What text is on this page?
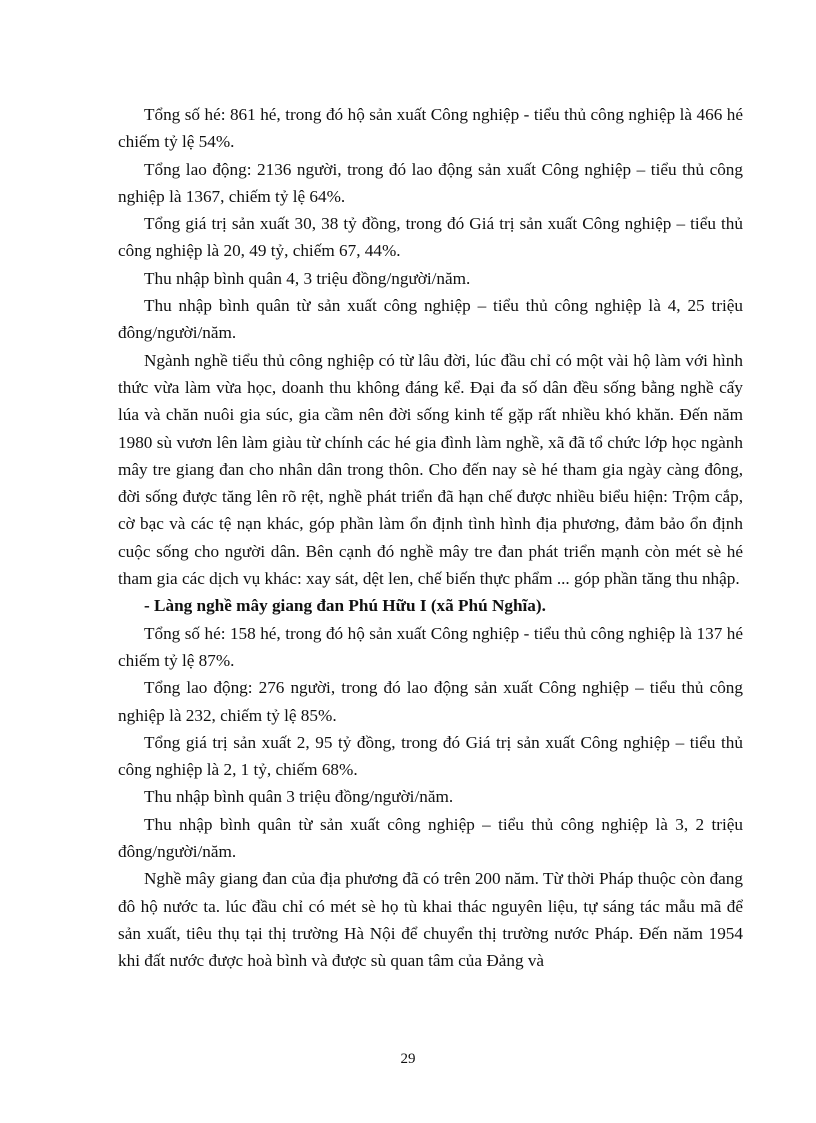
Tổng số hé: 861 hé, trong đó hộ sản xuất Công nghiệp - tiểu thủ công nghiệp là 466 hé chiếm tỷ lệ 54%.

Tổng lao động: 2136 người, trong đó lao động sản xuất Công nghiệp – tiểu thủ công nghiệp là 1367, chiếm tỷ lệ 64%.

Tổng giá trị sản xuất 30, 38 tỷ đồng, trong đó Giá trị sản xuất Công nghiệp – tiểu thủ công nghiệp là 20, 49 tỷ, chiếm 67, 44%.

Thu nhập bình quân 4, 3 triệu đồng/người/năm.

Thu nhập bình quân từ sản xuất công nghiệp – tiểu thủ công nghiệp là 4, 25 triệu đông/người/năm.

Ngành nghề tiểu thủ công nghiệp có từ lâu đời, lúc đầu chỉ có một vài hộ làm với hình thức vừa làm vừa học, doanh thu không đáng kể. Đại đa số dân đều sống bằng nghề cấy lúa và chăn nuôi gia súc, gia cầm nên đời sống kinh tế gặp rất nhiều khó khăn. Đến năm 1980 sù vươn lên làm giàu từ chính các hé gia đình làm nghề, xã đã tổ chức lớp học ngành mây tre giang đan cho nhân dân trong thôn. Cho đến nay sè hé tham gia ngày càng đông, đời sống được tăng lên rõ rệt, nghề phát triển đã hạn chế được nhiều biểu hiện: Trộm cắp, cờ bạc và các tệ nạn khác, góp phần làm ổn định tình hình địa phương, đảm bảo ổn định cuộc sống cho người dân. Bên cạnh đó nghề mây tre đan phát triển mạnh còn mét sè hé tham gia các dịch vụ khác: xay sát, dệt len, chế biến thực phẩm ... góp phần tăng thu nhập.

- Làng nghề mây giang đan Phú Hữu I (xã Phú Nghĩa).

Tổng số hé: 158 hé, trong đó hộ sản xuất Công nghiệp - tiểu thủ công nghiệp là 137 hé chiếm tỷ lệ 87%.

Tổng lao động: 276 người, trong đó lao động sản xuất Công nghiệp – tiểu thủ công nghiệp là 232, chiếm tỷ lệ 85%.

Tổng giá trị sản xuất 2, 95 tỷ đồng, trong đó Giá trị sản xuất Công nghiệp – tiểu thủ công nghiệp là 2, 1 tỷ, chiếm 68%.

Thu nhập bình quân 3 triệu đồng/người/năm.

Thu nhập bình quân từ sản xuất công nghiệp – tiểu thủ công nghiệp là 3, 2 triệu đông/người/năm.

Nghề mây giang đan của địa phương đã có trên 200 năm. Từ thời Pháp thuộc còn đang đô hộ nước ta. lúc đầu chỉ có mét sè họ tù khai thác nguyên liệu, tự sáng tác mẫu mã để sản xuất, tiêu thụ tại thị trường Hà Nội để chuyển thị trường nước Pháp. Đến năm 1954 khi đất nước được hoà bình và được sù quan tâm của Đảng và

29
